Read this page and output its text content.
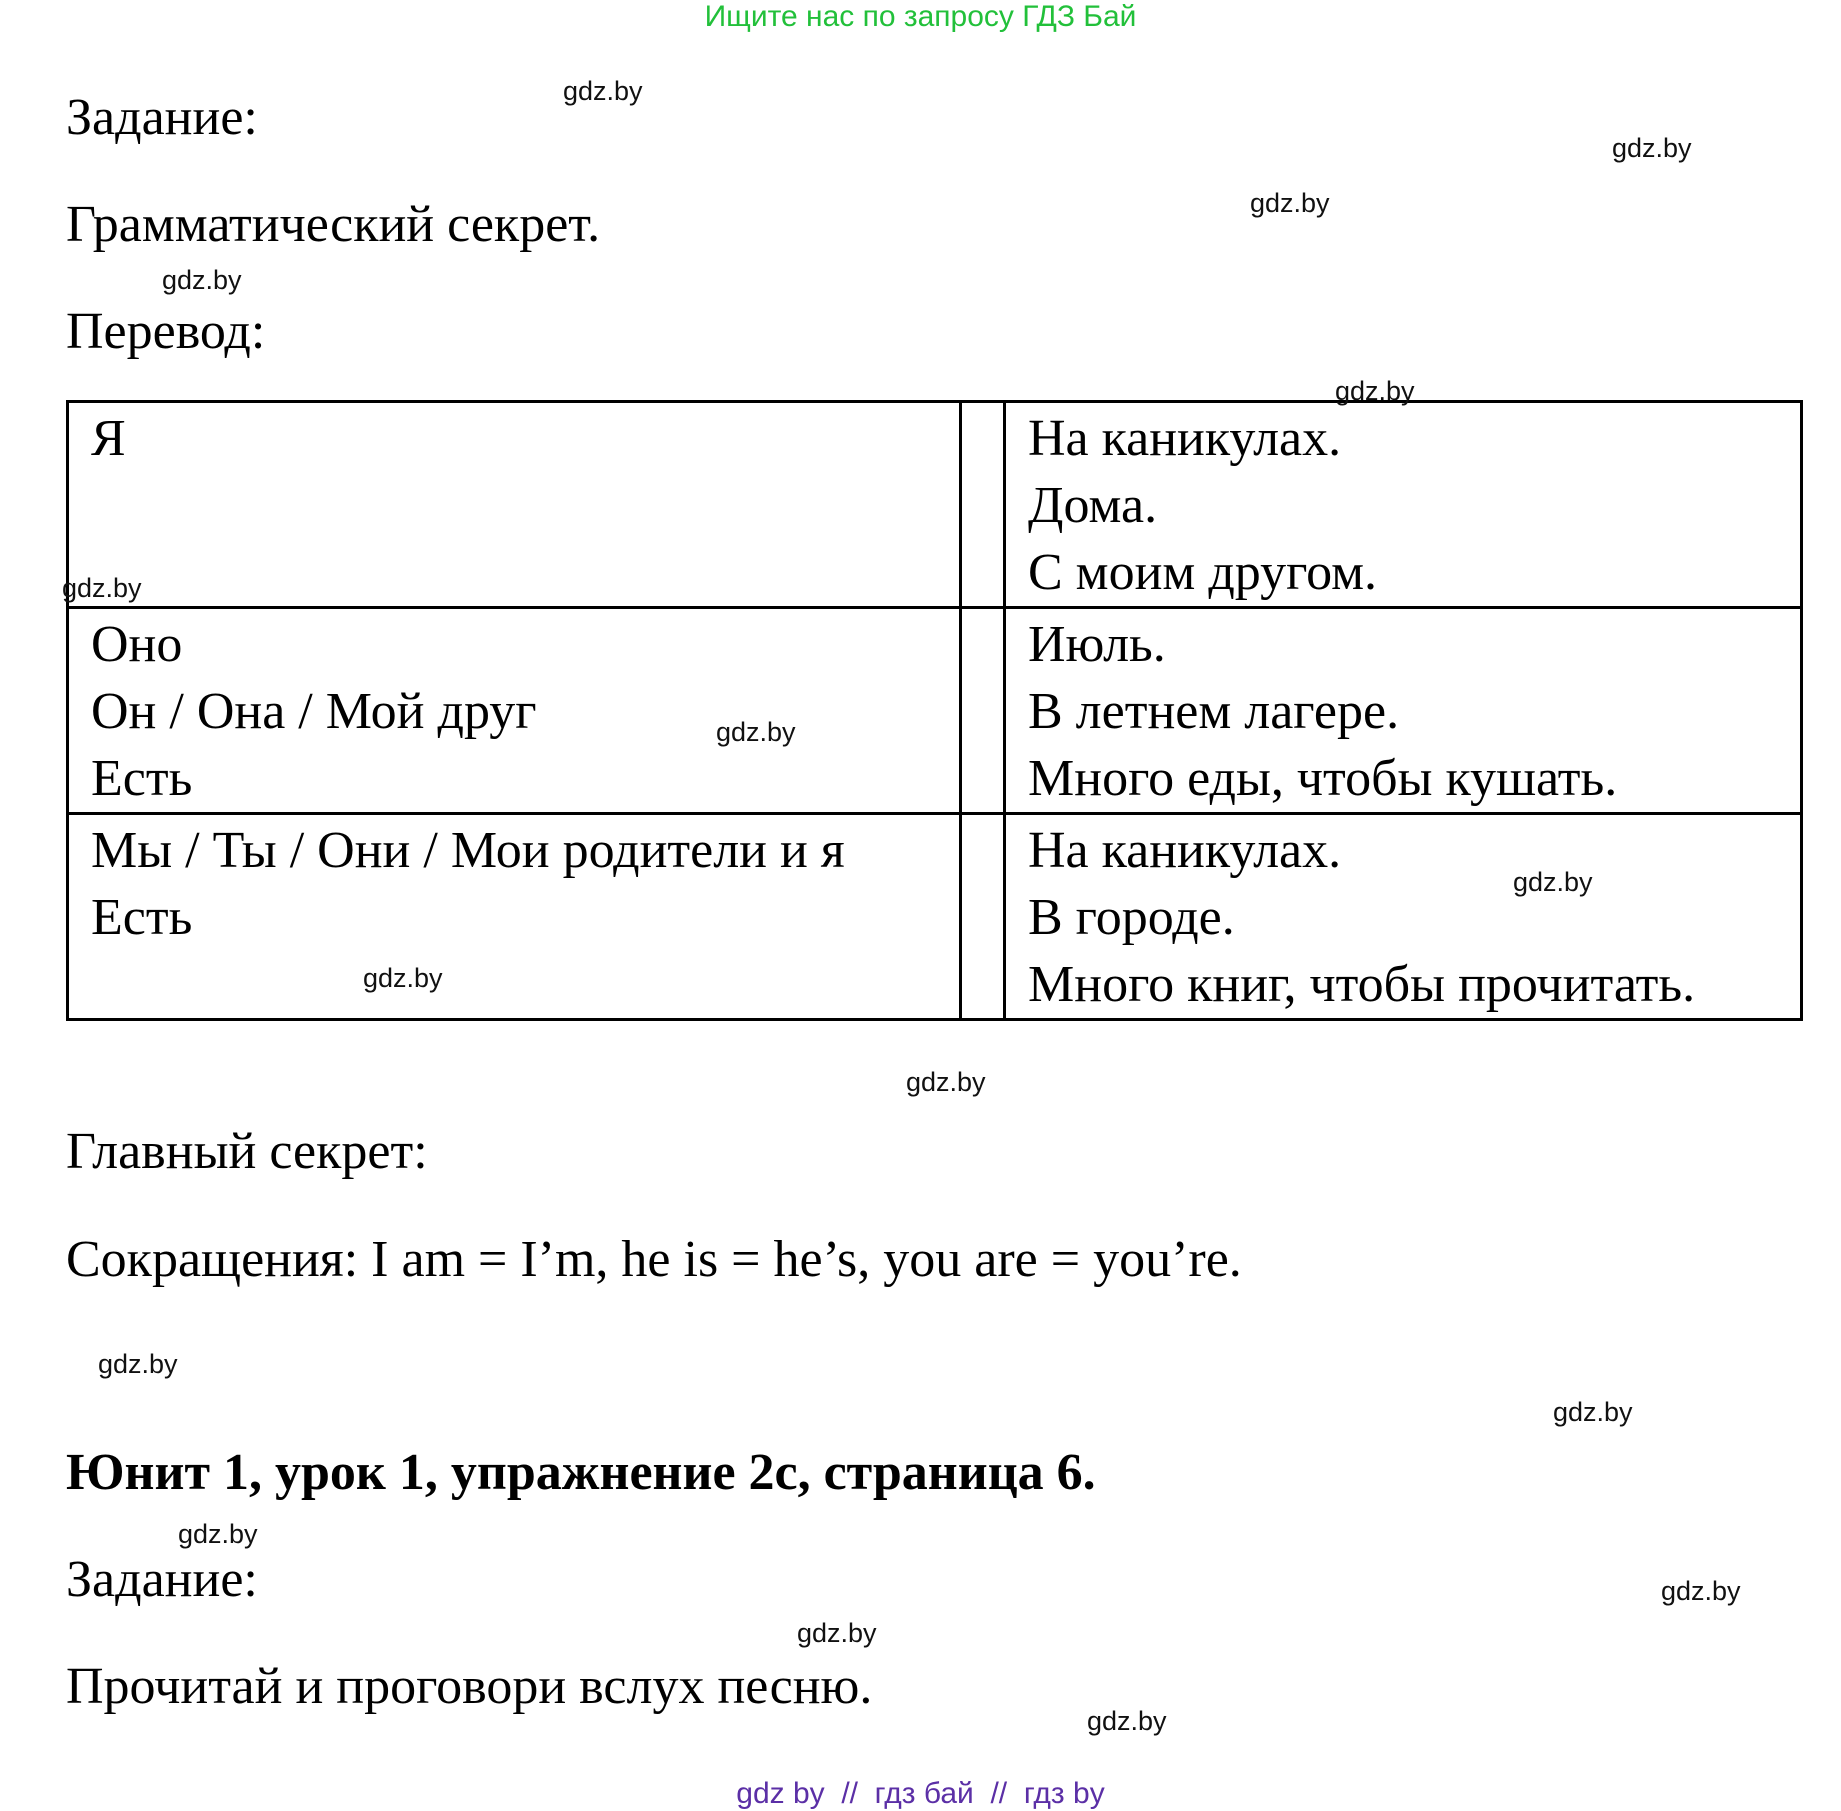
Ищите нас по запросу ГДЗ Бай
Задание:
Грамматический секрет.
Перевод:
Я		На каникулах.
Дома.
С моим другом.

Оно
Он / Она / Мой друг
Есть		Июль.
В летнем лагере.
Много еды, чтобы кушать.

Мы / Ты / Они / Мои родители и я
Есть		На каникулах.
В городе.
Много книг, чтобы прочитать.
Главный секрет:
Сокращения: I am = I’m, he is = he’s, you are = you’re.
Юнит 1, урок 1, упражнение 2с, страница 6.
Задание:
Прочитай и проговори вслух песню.
gdz.by
gdz.by
gdz.by
gdz.by
gdz.by
gdz.by
gdz.by
gdz.by
gdz.by
gdz.by
gdz.by
gdz.by
gdz.by
gdz.by
gdz.by
gdz.by
gdz by  //  гдз бай  //  гдз by
